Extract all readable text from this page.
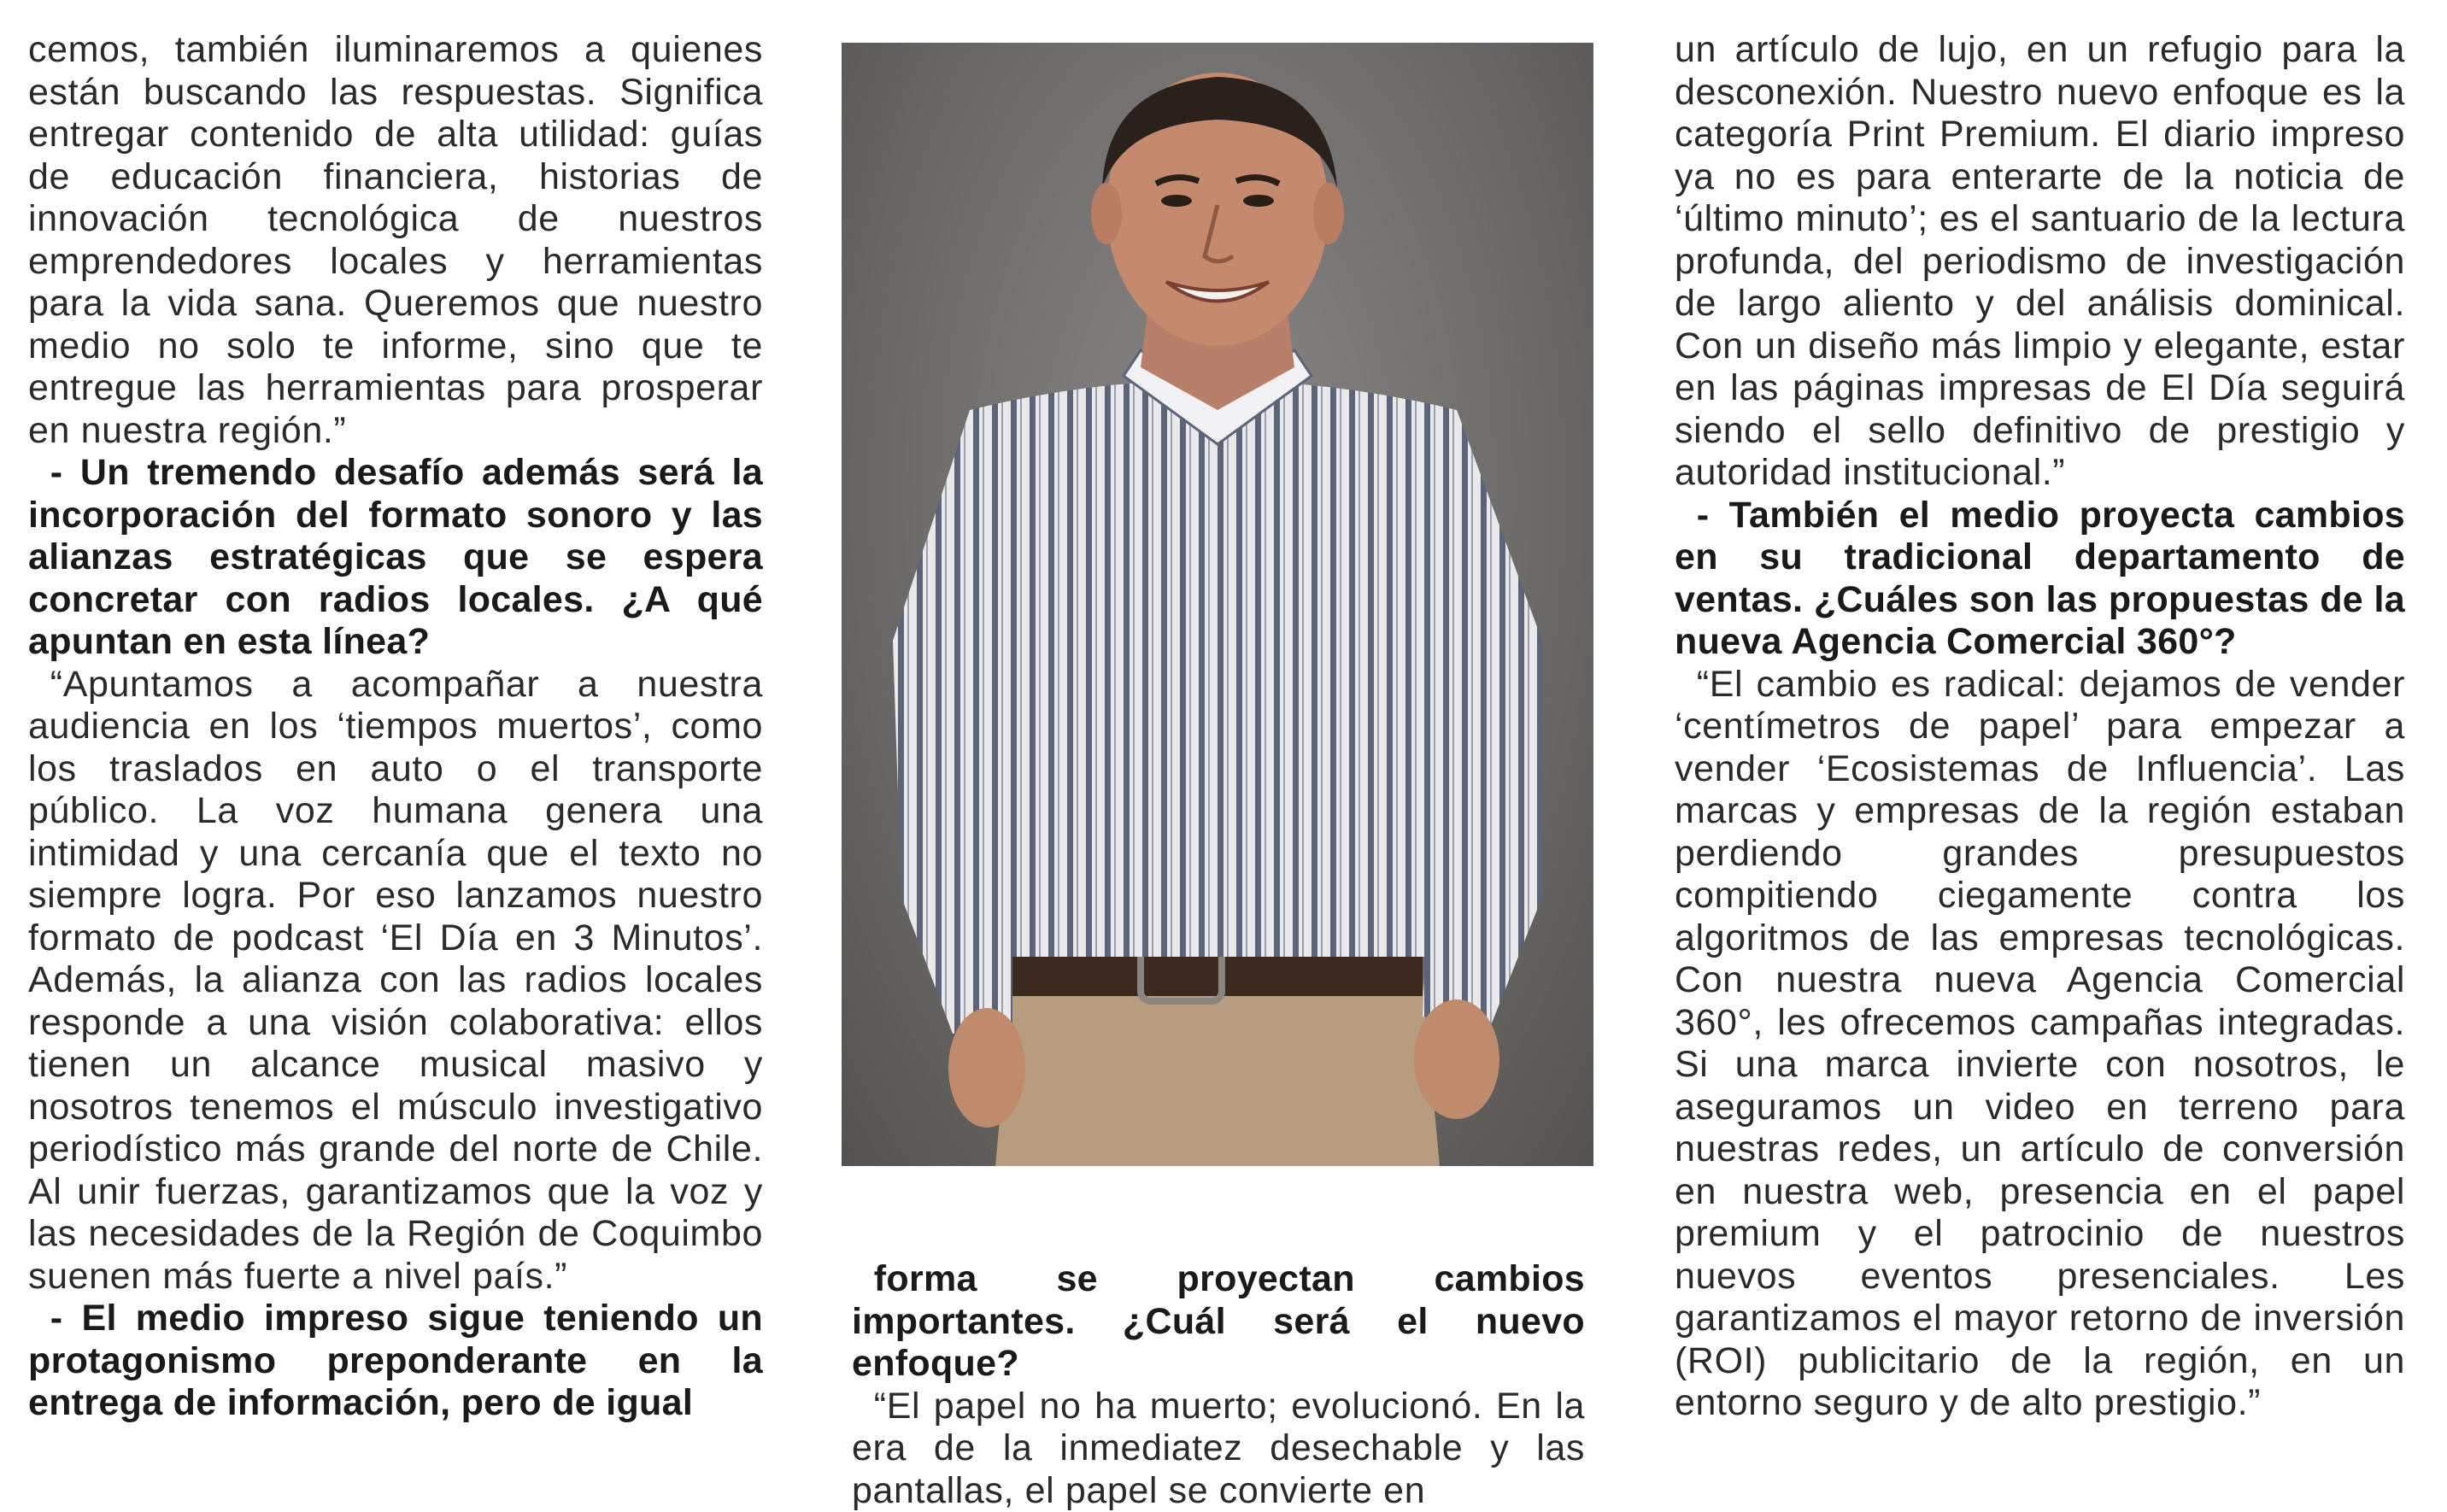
cemos, también iluminaremos a quienes están buscando las respuestas. Significa entregar contenido de alta utilidad: guías de educación financiera, historias de innovación tecnológica de nuestros emprendedores locales y herramientas para la vida sana. Queremos que nuestro medio no solo te informe, sino que te entregue las herramientas para prosperar en nuestra región.”

- Un tremendo desafío además será la incorporación del formato sonoro y las alianzas estratégicas que se espera concretar con radios locales. ¿A qué apuntan en esta línea?

“Apuntamos a acompañar a nuestra audiencia en los ‘tiempos muertos’, como los traslados en auto o el transporte público. La voz humana genera una intimidad y una cercanía que el texto no siempre logra. Por eso lanzamos nuestro formato de podcast ‘El Día en 3 Minutos’. Además, la alianza con las radios locales responde a una visión colaborativa: ellos tienen un alcance musical masivo y nosotros tenemos el músculo investigativo periodístico más grande del norte de Chile. Al unir fuerzas, garantizamos que la voz y las necesidades de la Región de Coquimbo suenen más fuerte a nivel país.”

- El medio impreso sigue teniendo un protagonismo preponderante en la entrega de información, pero de igual

forma se proyectan cambios importantes. ¿Cuál será el nuevo enfoque?

“El papel no ha muerto; evolucionó. En la era de la inmediatez desechable y las pantallas, el papel se convierte en

un artículo de lujo, en un refugio para la desconexión. Nuestro nuevo enfoque es la categoría Print Premium. El diario impreso ya no es para enterarte de la noticia de ‘último minuto’; es el santuario de la lectura profunda, del periodismo de investigación de largo aliento y del análisis dominical. Con un diseño más limpio y elegante, estar en las páginas impresas de El Día seguirá siendo el sello definitivo de prestigio y autoridad institucional.”

- También el medio proyecta cambios en su tradicional departamento de ventas. ¿Cuáles son las propuestas de la nueva Agencia Comercial 360°?

“El cambio es radical: dejamos de vender ‘centímetros de papel’ para empezar a vender ‘Ecosistemas de Influencia’. Las marcas y empresas de la región estaban perdiendo grandes presupuestos compitiendo ciegamente contra los algoritmos de las empresas tecnológicas. Con nuestra nueva Agencia Comercial 360°, les ofrecemos campañas integradas. Si una marca invierte con nosotros, le aseguramos un video en terreno para nuestras redes, un artículo de conversión en nuestra web, presencia en el papel premium y el patrocinio de nuestros nuevos eventos presenciales. Les garantizamos el mayor retorno de inversión (ROI) publicitario de la región, en un entorno seguro y de alto prestigio.”
